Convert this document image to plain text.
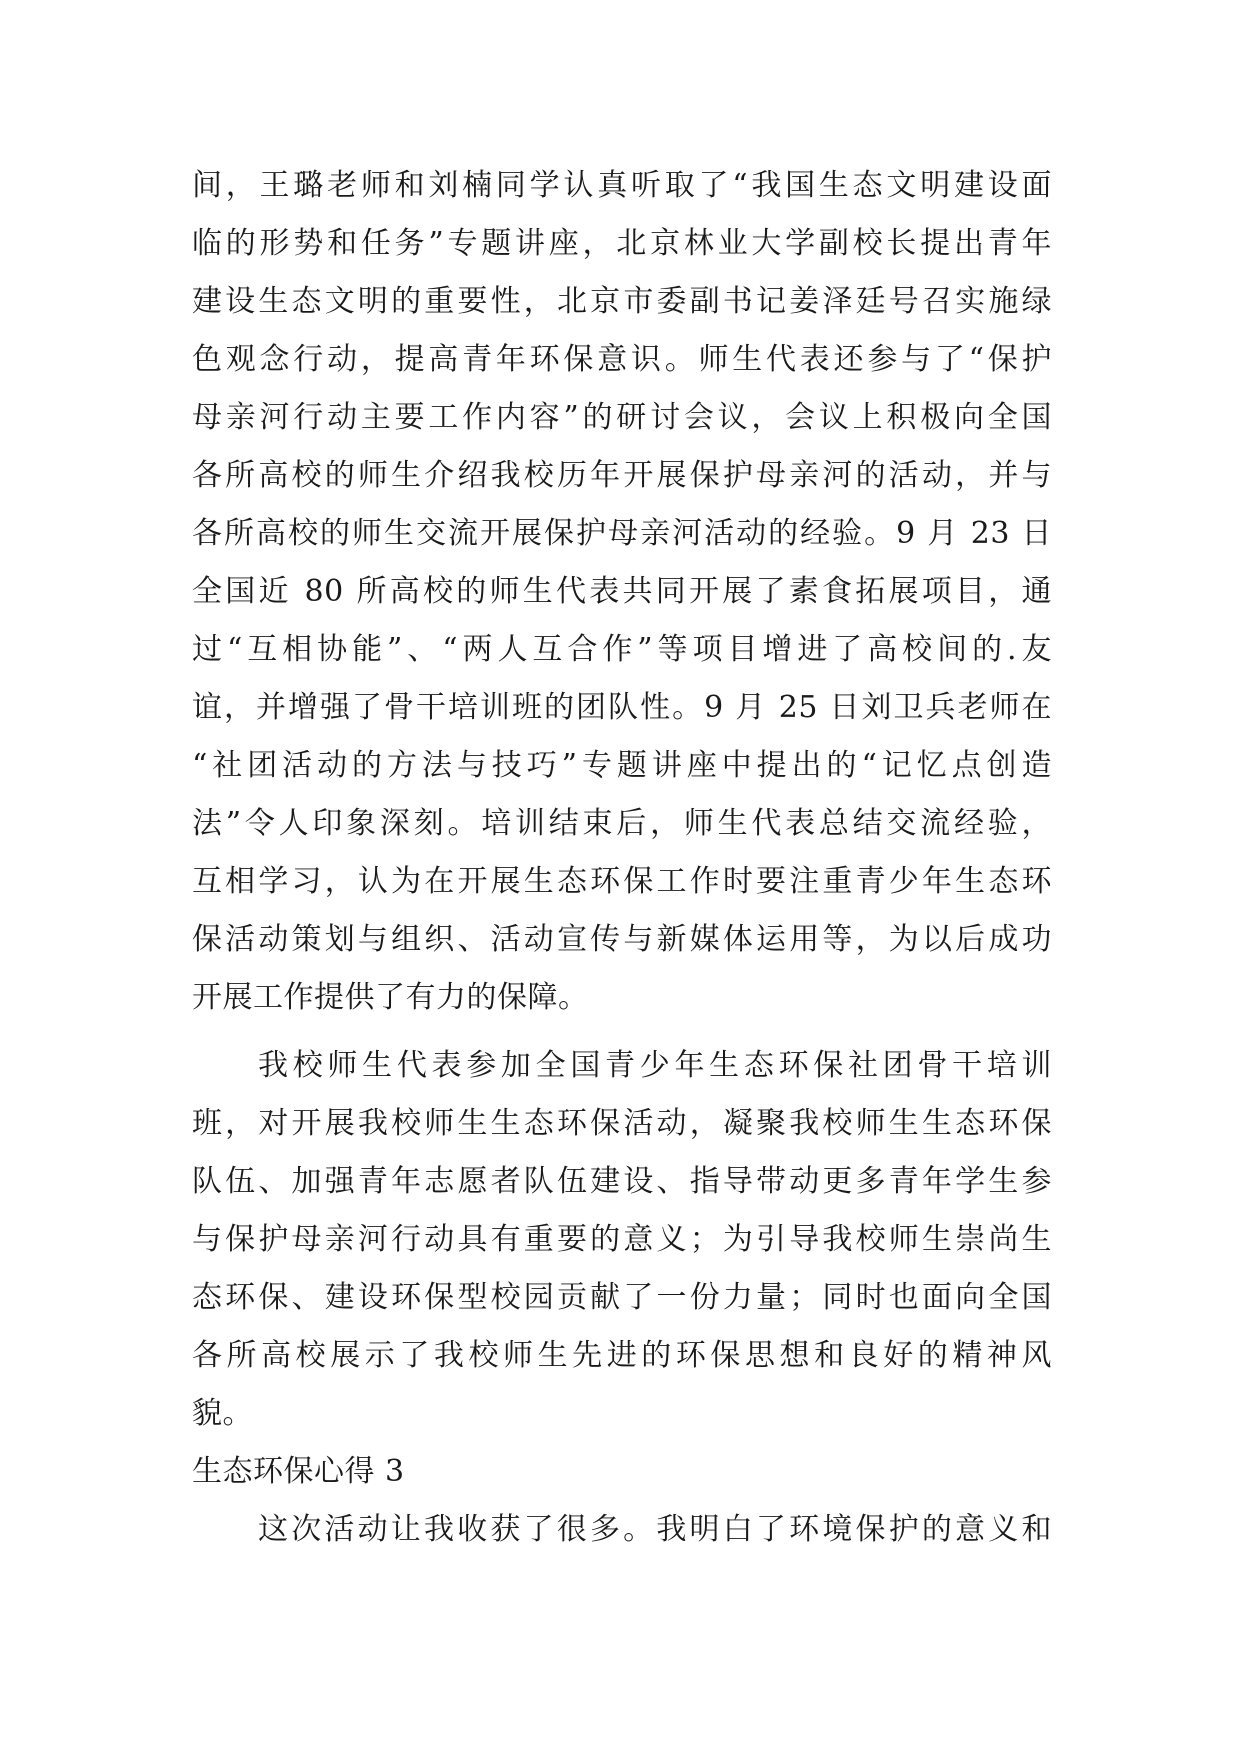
间，王璐老师和刘楠同学认真听取了“我国生态文明建设面
临的形势和任务”专题讲座，北京林业大学副校长提出青年
建设生态文明的重要性，北京市委副书记姜泽廷号召实施绿
色观念行动，提高青年环保意识。师生代表还参与了“保护
母亲河行动主要工作内容”的研讨会议，会议上积极向全国
各所高校的师生介绍我校历年开展保护母亲河的活动，并与
各所高校的师生交流开展保护母亲河活动的经验。9 月 23 日
全国近 80 所高校的师生代表共同开展了素食拓展项目，通
过“互相协能”、“两人互合作”等项目增进了高校间的.友
谊，并增强了骨干培训班的团队性。9 月 25 日刘卫兵老师在
“社团活动的方法与技巧”专题讲座中提出的“记忆点创造
法”令人印象深刻。培训结束后，师生代表总结交流经验，
互相学习，认为在开展生态环保工作时要注重青少年生态环
保活动策划与组织、活动宣传与新媒体运用等，为以后成功
开展工作提供了有力的保障。
我校师生代表参加全国青少年生态环保社团骨干培训
班，对开展我校师生生态环保活动，凝聚我校师生生态环保
队伍、加强青年志愿者队伍建设、指导带动更多青年学生参
与保护母亲河行动具有重要的意义；为引导我校师生崇尚生
态环保、建设环保型校园贡献了一份力量；同时也面向全国
各所高校展示了我校师生先进的环保思想和良好的精神风
貌。
生态环保心得 3
这次活动让我收获了很多。我明白了环境保护的意义和
